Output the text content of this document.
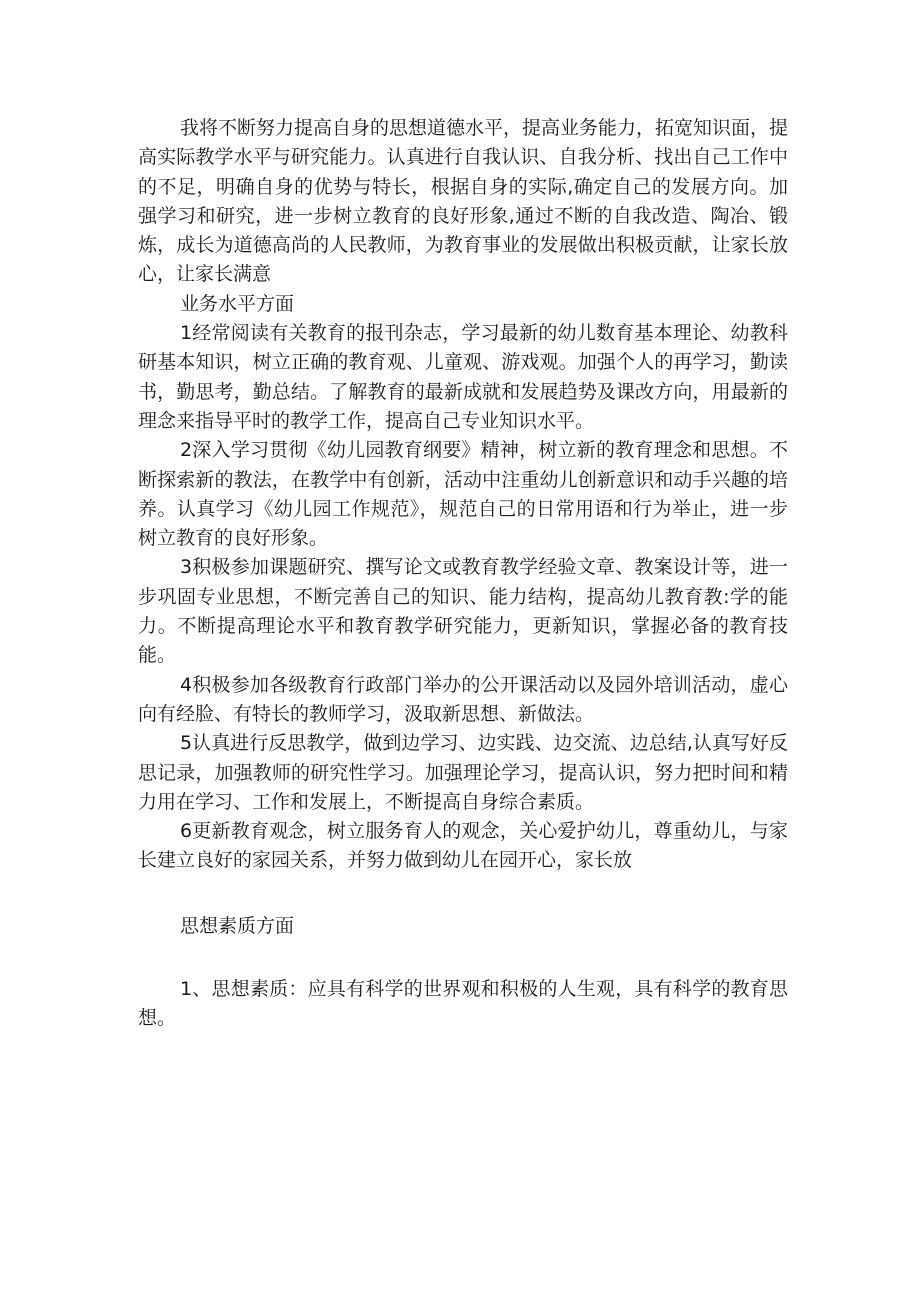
我将不断努力提高自身的思想道德水平，提高业务能力，拓宽知识面，提高实际教学水平与研究能力。认真进行自我认识、自我分析、找出自己工作中的不足，明确自身的优势与特长，根据自身的实际,确定自己的发展方向。加强学习和研究，进一步树立教育的良好形象,通过不断的自我改造、陶冶、锻炼，成长为道德高尚的人民教师，为教育事业的发展做出积极贡献，让家长放心，让家长满意

业务水平方面

1经常阅读有关教育的报刊杂志，学习最新的幼儿数育基本理论、幼教科研基本知识，树立正确的教育观、儿童观、游戏观。加强个人的再学习，勤读书，勤思考，勤总结。了解教育的最新成就和发展趋势及课改方向，用最新的理念来指导平时的教学工作，提高自己专业知识水平。

2深入学习贯彻《幼儿园教育纲要》精神，树立新的教育理念和思想。不断探索新的教法，在教学中有创新，活动中注重幼儿创新意识和动手兴趣的培养。认真学习《幼儿园工作规范》，规范自己的日常用语和行为举止，进一步树立教育的良好形象。

3积极参加课题研究、撰写论文或教育教学经验文章、教案设计等，进一步巩固专业思想，不断完善自己的知识、能力结构，提高幼儿教育教:学的能力。不断提高理论水平和教育教学研究能力，更新知识，掌握必备的教育技能。

4积极参加各级教育行政部门举办的公开课活动以及园外培训活动，虚心向有经脸、有特长的教师学习，汲取新思想、新做法。

5认真进行反思教学，做到边学习、边实践、边交流、边总结,认真写好反思记录，加强教师的研究性学习。加强理论学习，提高认识，努力把时间和精力用在学习、工作和发展上，不断提高自身综合素质。

6更新教育观念，树立服务育人的观念，关心爱护幼儿，尊重幼儿，与家长建立良好的家园关系，并努力做到幼儿在园开心，家长放

思想素质方面

1、思想素质：应具有科学的世界观和积极的人生观，具有科学的教育思想。
